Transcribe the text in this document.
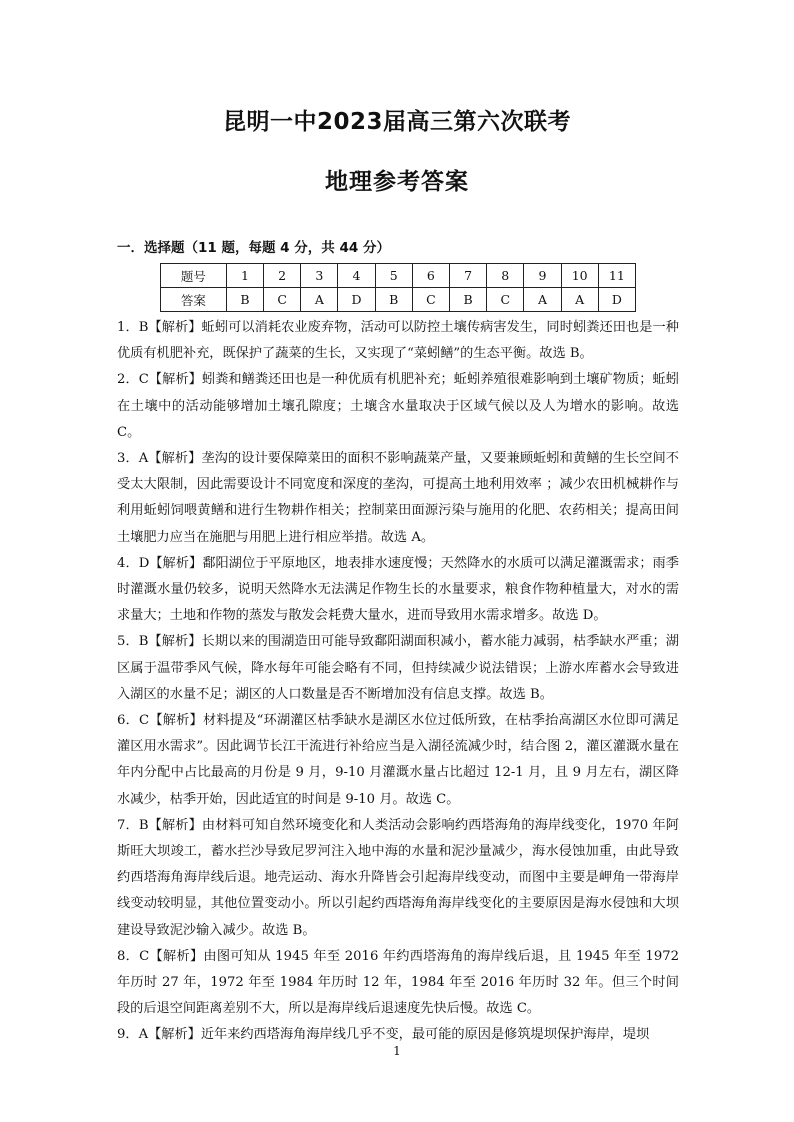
昆明一中2023届高三第六次联考
地理参考答案
一．选择题（11 题，每题 4 分，共 44 分）
题号	1	2	3	4	5	6	7	8	9	10	11
答案	B	C	A	D	B	C	B	C	A	A	D

1．B【解析】蚯蚓可以消耗农业废弃物，活动可以防控土壤传病害发生，同时蚓粪还田也是一种优质有机肥补充，既保护了蔬菜的生长，又实现了“菜蚓鳝”的生态平衡。故选 B。

2．C【解析】蚓粪和鳝粪还田也是一种优质有机肥补充；蚯蚓养殖很难影响到土壤矿物质；蚯蚓在土壤中的活动能够增加土壤孔隙度；土壤含水量取决于区域气候以及人为增水的影响。故选 C。

3．A【解析】垄沟的设计要保障菜田的面积不影响蔬菜产量，又要兼顾蚯蚓和黄鳝的生长空间不受太大限制，因此需要设计不同宽度和深度的垄沟，可提高土地利用效率 ；减少农田机械耕作与利用蚯蚓饲喂黄鳝和进行生物耕作相关；控制菜田面源污染与施用的化肥、农药相关；提高田间土壤肥力应当在施肥与用肥上进行相应举措。故选 A。

4．D【解析】鄱阳湖位于平原地区，地表排水速度慢；天然降水的水质可以满足灌溉需求；雨季时灌溉水量仍较多，说明天然降水无法满足作物生长的水量要求，粮食作物种植量大，对水的需求量大；土地和作物的蒸发与散发会耗费大量水，进而导致用水需求增多。故选 D。

5．B【解析】长期以来的围湖造田可能导致鄱阳湖面积减小，蓄水能力减弱，枯季缺水严重；湖区属于温带季风气候，降水每年可能会略有不同，但持续减少说法错误；上游水库蓄水会导致进入湖区的水量不足；湖区的人口数量是否不断增加没有信息支撑。故选 B。

6．C【解析】材料提及“环湖灌区枯季缺水是湖区水位过低所致，在枯季抬高湖区水位即可满足灌区用水需求”。因此调节长江干流进行补给应当是入湖径流减少时，结合图 2，灌区灌溉水量在年内分配中占比最高的月份是 9 月，9-10 月灌溉水量占比超过 12-1 月，且 9 月左右，湖区降水减少，枯季开始，因此适宜的时间是 9-10 月。故选 C。

7．B【解析】由材料可知自然环境变化和人类活动会影响约西塔海角的海岸线变化，1970 年阿斯旺大坝竣工，蓄水拦沙导致尼罗河注入地中海的水量和泥沙量减少，海水侵蚀加重，由此导致约西塔海角海岸线后退。地壳运动、海水升降皆会引起海岸线变动，而图中主要是岬角一带海岸线变动较明显，其他位置变动小。所以引起约西塔海角海岸线变化的主要原因是海水侵蚀和大坝建设导致泥沙输入减少。故选 B。

8．C【解析】由图可知从 1945 年至 2016 年约西塔海角的海岸线后退，且 1945 年至 1972 年历时 27 年，1972 年至 1984 年历时 12 年，1984 年至 2016 年历时 32 年。但三个时间段的后退空间距离差别不大，所以是海岸线后退速度先快后慢。故选 C。

9．A【解析】近年来约西塔海角海岸线几乎不变，最可能的原因是修筑堤坝保护海岸，堤坝

1
